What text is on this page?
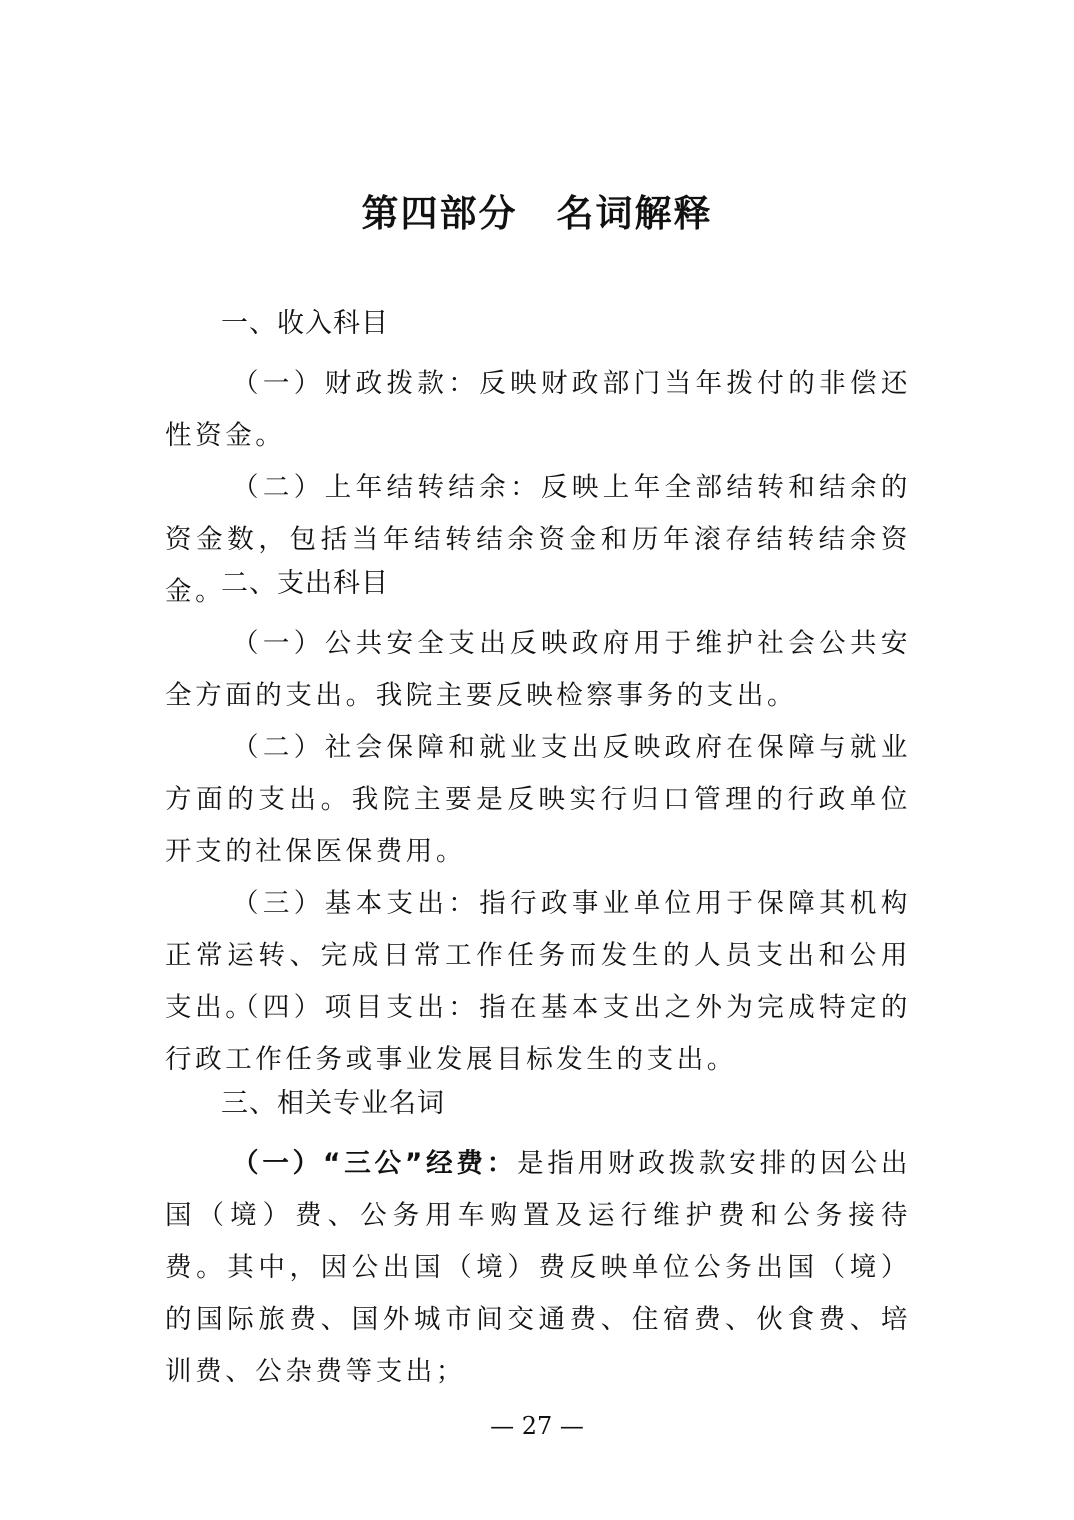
第四部分　名词解释
一、收入科目
（一）财政拨款：反映财政部门当年拨付的非偿还性资金。
（二）上年结转结余：反映上年全部结转和结余的资金数，包括当年结转结余资金和历年滚存结转结余资金。
二、支出科目
（一）公共安全支出反映政府用于维护社会公共安全方面的支出。我院主要反映检察事务的支出。
（二）社会保障和就业支出反映政府在保障与就业方面的支出。我院主要是反映实行归口管理的行政单位开支的社保医保费用。
（三）基本支出：指行政事业单位用于保障其机构正常运转、完成日常工作任务而发生的人员支出和公用支出。
（四）项目支出：指在基本支出之外为完成特定的行政工作任务或事业发展目标发生的支出。
三、相关专业名词
（一）“三公”经费：是指用财政拨款安排的因公出国（境）费、公务用车购置及运行维护费和公务接待费。其中，因公出国（境）费反映单位公务出国（境）的国际旅费、国外城市间交通费、住宿费、伙食费、培训费、公杂费等支出；
— 27 —
